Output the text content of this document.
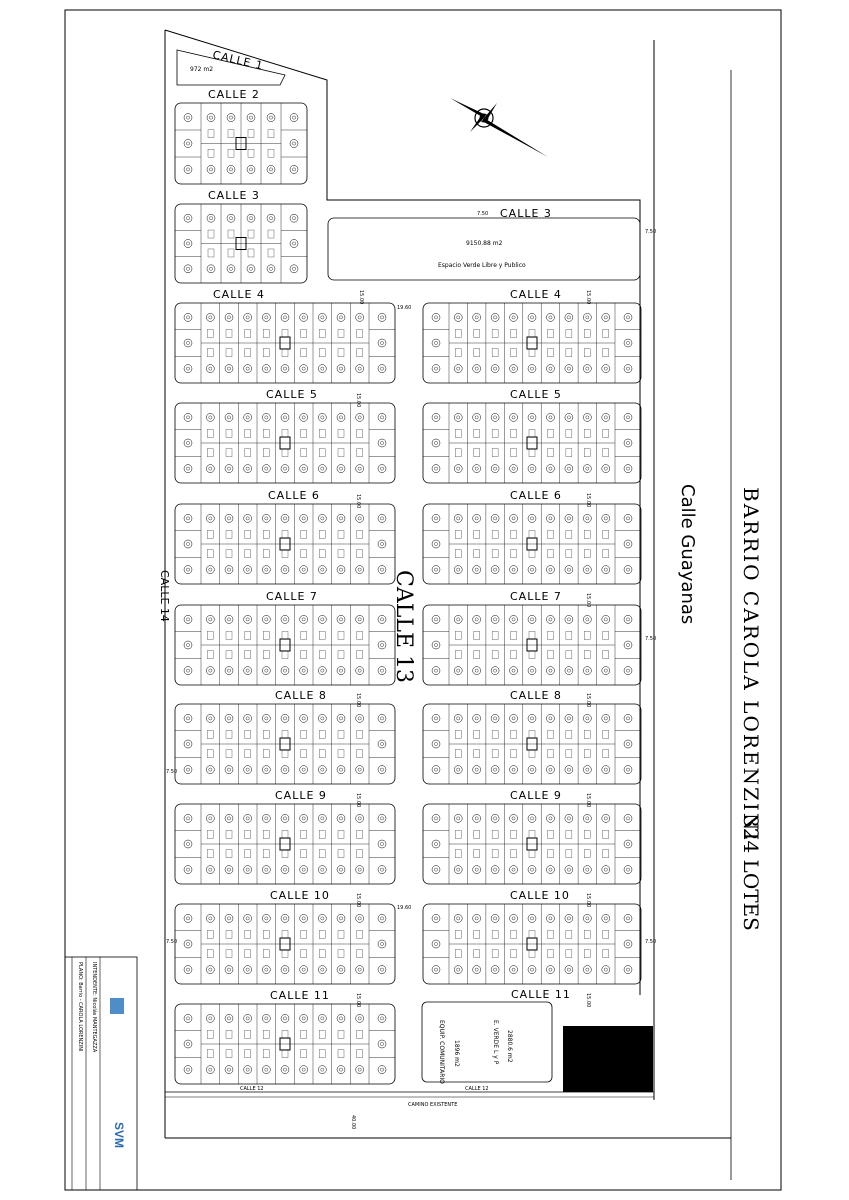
CALLE 1
972 m2
CALLE 3
9150.88 m2
Espacio Verde Libre y Publico
2880.6 m2
E. VERDE L y P
1896 m2
EQUIP. COMUNITARIO
CALLE 2
CALLE 3
CALLE 4
CALLE 5
CALLE 6
CALLE 7
CALLE 8
CALLE 9
CALLE 10
CALLE 11
CALLE 4
CALLE 5
CALLE 6
CALLE 7
CALLE 8
CALLE 9
CALLE 10
CALLE 11
15.00
15.00
15.00
15.00
15.00
15.00
15.00
15.00
15.00
15.00
15.00
15.00
15.00
15.00
19.60
19.60
7.50
7.50
7.50
7.50
7.50
7.50
CALLE 13
CALLE 14	Calle Guayanas BARRIO CAROLA LORENZINI
324 LOTES
CALLE 12	CALLE 12
CAMINO EXISTENTE
40.00
PLANO: Barrio - CAROLA LORENZINI INTENDENTE: Nicolás MANTEGAZZA
SVM
